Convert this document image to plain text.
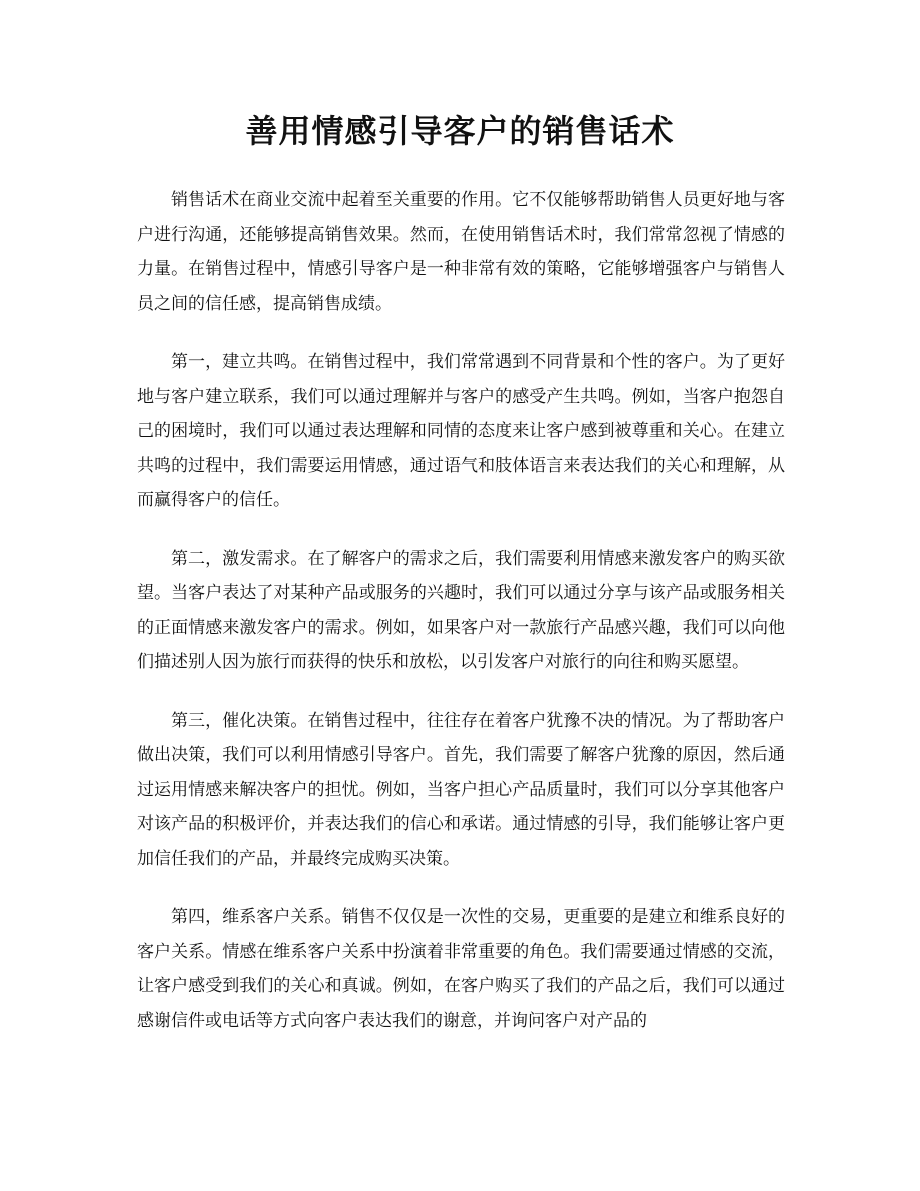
善用情感引导客户的销售话术

销售话术在商业交流中起着至关重要的作用。它不仅能够帮助销售人员更好地与客户进行沟通，还能够提高销售效果。然而，在使用销售话术时，我们常常忽视了情感的力量。在销售过程中，情感引导客户是一种非常有效的策略，它能够增强客户与销售人员之间的信任感，提高销售成绩。

第一，建立共鸣。在销售过程中，我们常常遇到不同背景和个性的客户。为了更好地与客户建立联系，我们可以通过理解并与客户的感受产生共鸣。例如，当客户抱怨自己的困境时，我们可以通过表达理解和同情的态度来让客户感到被尊重和关心。在建立共鸣的过程中，我们需要运用情感，通过语气和肢体语言来表达我们的关心和理解，从而赢得客户的信任。

第二，激发需求。在了解客户的需求之后，我们需要利用情感来激发客户的购买欲望。当客户表达了对某种产品或服务的兴趣时，我们可以通过分享与该产品或服务相关的正面情感来激发客户的需求。例如，如果客户对一款旅行产品感兴趣，我们可以向他们描述别人因为旅行而获得的快乐和放松，以引发客户对旅行的向往和购买愿望。

第三，催化决策。在销售过程中，往往存在着客户犹豫不决的情况。为了帮助客户做出决策，我们可以利用情感引导客户。首先，我们需要了解客户犹豫的原因，然后通过运用情感来解决客户的担忧。例如，当客户担心产品质量时，我们可以分享其他客户对该产品的积极评价，并表达我们的信心和承诺。通过情感的引导，我们能够让客户更加信任我们的产品，并最终完成购买决策。

第四，维系客户关系。销售不仅仅是一次性的交易，更重要的是建立和维系良好的客户关系。情感在维系客户关系中扮演着非常重要的角色。我们需要通过情感的交流，让客户感受到我们的关心和真诚。例如，在客户购买了我们的产品之后，我们可以通过感谢信件或电话等方式向客户表达我们的谢意，并询问客户对产品的
